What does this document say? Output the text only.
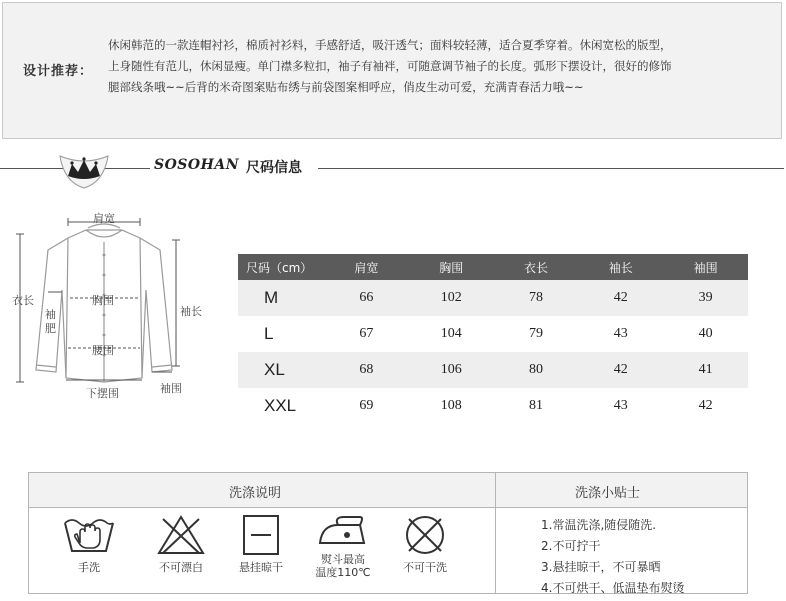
设计推荐：
休闲韩范的一款连帽衬衫，棉质衬衫料，手感舒适，吸汗透气；面料较轻薄，适合夏季穿着。休闲宽松的版型，
上身随性有范儿，休闲显瘦。单门襟多粒扣，袖子有袖袢，可随意调节袖子的长度。弧形下摆设计，很好的修饰
腿部线条哦~~后背的米奇图案贴布绣与前袋图案相呼应，俏皮生动可爱，充满青春活力哦~~
SOSOHAN 尺码信息
肩宽
衣长
袖肥
胸围
袖长
腰围
下摆围	袖围
尺码（cm）	肩宽	胸围	衣长	袖长	袖围
M	66	102	78	42	39
L	67	104	79	43	40
XL	68	106	80	42	41
XXL	69	108	81	43	42
洗涤说明	洗涤小贴士
手洗	不可漂白	悬挂晾干
熨斗最高
温度110℃	不可干洗
1.常温洗涤,随侵随洗.
2.不可拧干
3.悬挂晾干，不可暴晒
4.不可烘干、低温垫布熨烫
